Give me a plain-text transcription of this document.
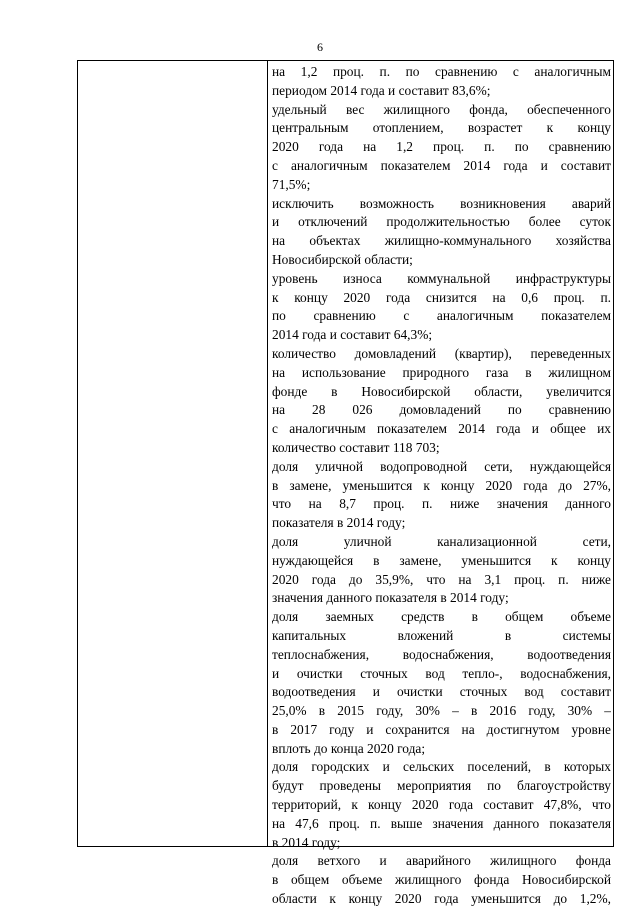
6
на 1,2 проц. п. по сравнению с аналогичным
периодом 2014 года и составит 83,6%;
удельный вес жилищного фонда, обеспеченного
центральным отоплением, возрастет к концу
2020 года на 1,2 проц. п. по сравнению
с аналогичным показателем 2014 года и составит
71,5%;
исключить возможность возникновения аварий
и отключений продолжительностью более суток
на объектах жилищно-коммунального хозяйства
Новосибирской области;
уровень износа коммунальной инфраструктуры
к концу 2020 года снизится на 0,6 проц. п.
по сравнению с аналогичным показателем
2014 года и составит 64,3%;
количество домовладений (квартир), переведенных
на использование природного газа в жилищном
фонде в Новосибирской области, увеличится
на 28 026 домовладений по сравнению
с аналогичным показателем 2014 года и общее их
количество составит 118 703;
доля уличной водопроводной сети, нуждающейся
в замене, уменьшится к концу 2020 года до 27%,
что на 8,7 проц. п. ниже значения данного
показателя в 2014 году;
доля уличной канализационной сети,
нуждающейся в замене, уменьшится к концу
2020 года до 35,9%, что на 3,1 проц. п. ниже
значения данного показателя в 2014 году;
доля заемных средств в общем объеме
капитальных вложений в системы
теплоснабжения, водоснабжения, водоотведения
и очистки сточных вод тепло-, водоснабжения,
водоотведения и очистки сточных вод составит
25,0% в 2015 году, 30% – в 2016 году, 30% –
в 2017 году и сохранится на достигнутом уровне
вплоть до конца 2020 года;
доля городских и сельских поселений, в которых
будут проведены мероприятия по благоустройству
территорий, к концу 2020 года составит 47,8%, что
на 47,6 проц. п. выше значения данного показателя
в 2014 году;
доля ветхого и аварийного жилищного фонда
в общем объеме жилищного фонда Новосибирской
области к концу 2020 года уменьшится до 1,2%,
